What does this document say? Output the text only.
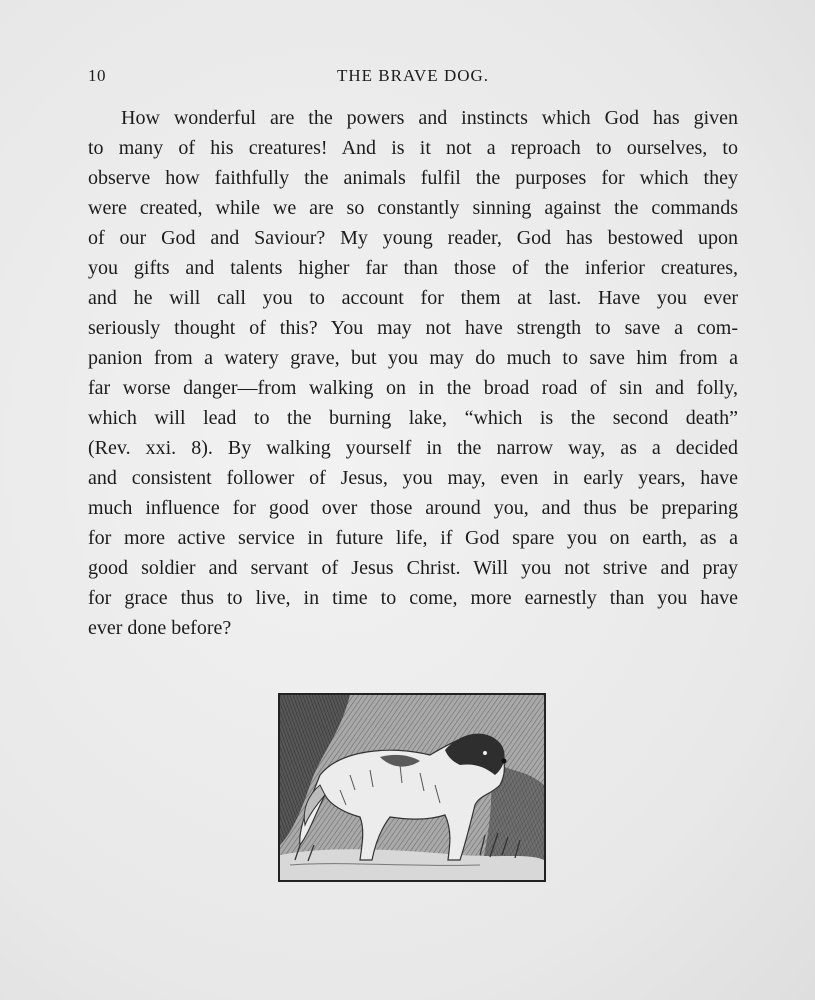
10	THE BRAVE DOG.
How wonderful are the powers and instincts which God has given
to many of his creatures! And is it not a reproach to ourselves, to
observe how faithfully the animals fulfil the purposes for which they
were created, while we are so constantly sinning against the commands
of our God and Saviour? My young reader, God has bestowed upon
you gifts and talents higher far than those of the inferior creatures,
and he will call you to account for them at last. Have you ever
seriously thought of this? You may not have strength to save a com-
panion from a watery grave, but you may do much to save him from a
far worse danger—from walking on in the broad road of sin and folly,
which will lead to the burning lake, “which is the second death”
(Rev. xxi. 8). By walking yourself in the narrow way, as a decided
and consistent follower of Jesus, you may, even in early years, have
much influence for good over those around you, and thus be preparing
for more active service in future life, if God spare you on earth, as a
good soldier and servant of Jesus Christ. Will you not strive and pray
for grace thus to live, in time to come, more earnestly than you have
ever done before?
